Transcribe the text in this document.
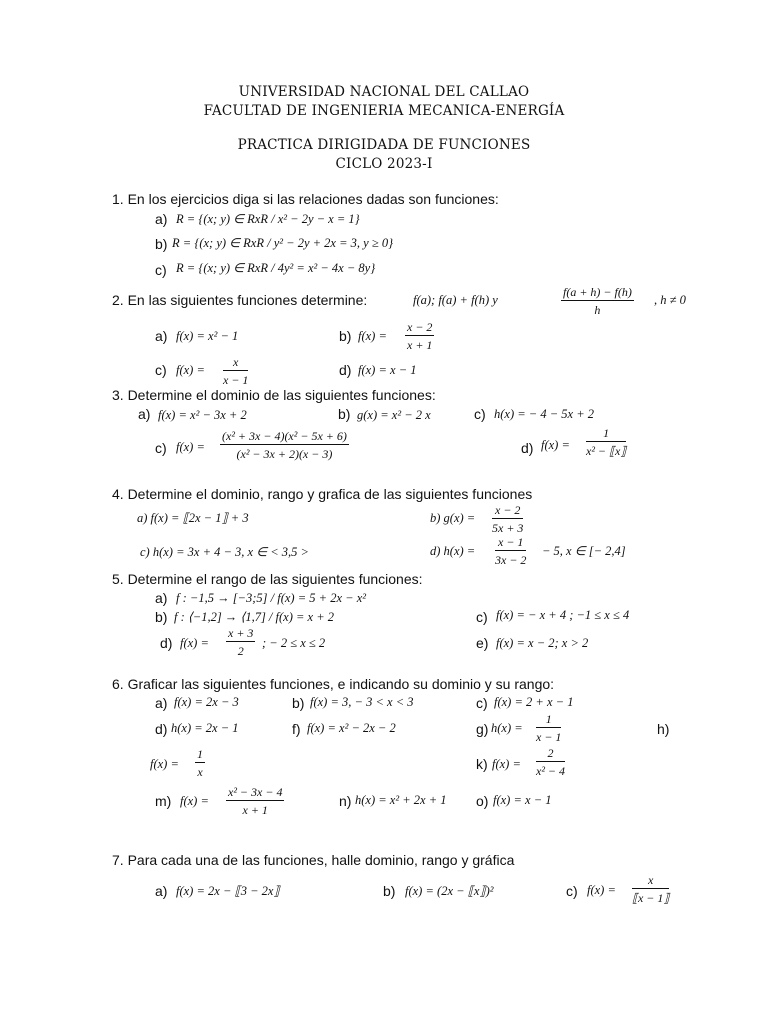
UNIVERSIDAD NACIONAL DEL CALLAO
FACULTAD DE INGENIERIA MECANICA-ENERGÍA
PRACTICA DIRIGIDADA DE FUNCIONES
CICLO 2023-I
1. En los ejercicios diga si las relaciones dadas son funciones:
a) R = {(x; y) ∈ RxR / x² − 2y − x = 1}
b) R = {(x; y) ∈ RxR / y² − 2y + 2x = 3, y ≥ 0}
c) R = {(x; y) ∈ RxR / 4y² = x² − 4x − 8y}
2. En las siguientes funciones determine:	f(a); f(a) + f(h) y	$\frac{f(a + h) - f(h)}{h}$ , h ≠ 0
a) f(x) = x² − 1	b) $f(x) = \frac{x - 2}{x + 1}$
c) $f(x) = \frac{x}{x - 1}$	d) f(x) = x − 1
3. Determine el dominio de las siguientes funciones:
a) f(x) = x² − 3x + 2	b) g(x) = x² − 2 x	c) h(x) = − 4 − 5x + 2
c) $f(x) = \frac{\text{(x² + 3x − 4)(x² − 5x + 6)}}{\text{(x² − 3x + 2)(x − 3)}}$	d) $f(x) = \frac{1}{\text{x² − ⟦x⟧}}$
4. Determine el dominio, rango y grafica de las siguientes funciones
a) f(x) = ⟦2x − 1⟧ + 3	b) $g(x) = \frac{x - 2}{5x + 3}$
c) h(x) = 3x + 4 − 3, x ∈ < 3,5 >	d) $h(x) = \frac{x - 1}{3x - 2} - 5$, x ∈ [− 2,4]
5. Determine el rango de las siguientes funciones:
a) f : −1,5 → [−3;5] / f(x) = 5 + 2x − x²
b) f : ⟨−1,2] → ⟨1,7] / f(x) = x + 2	c) f(x) = − x + 4 ; −1 ≤ x ≤ 4
d) $f(x) = \frac{x + 3}{2}$ ; − 2 ≤ x ≤ 2	e) f(x) = x − 2; x > 2
6. Graficar las siguientes funciones, e indicando su dominio y su rango:
a) f(x) = 2x − 3	b) f(x) = 3, − 3 < x < 3	c) f(x) = 2 + x − 1
d) h(x) = 2x − 1	f) f(x) = x² − 2x − 2	g) $h(x) = \frac{1}{x - 1}$	h)
$f(x) = \frac{1}{x}$	k) $f(x) = \frac{2}{\text{x² − 4}}$
m) $f(x) = \frac{\text{x² − 3x − 4}}{x + 1}$	n) h(x) = x² + 2x + 1 o) f(x) = x − 1
7. Para cada una de las funciones, halle dominio, rango y gráfica
a) f(x) = 2x − ⟦3 − 2x⟧	b) f(x) = (2x − ⟦x⟧)²	c) $f(x) = \frac{x}{⟦x - 1⟧}$
